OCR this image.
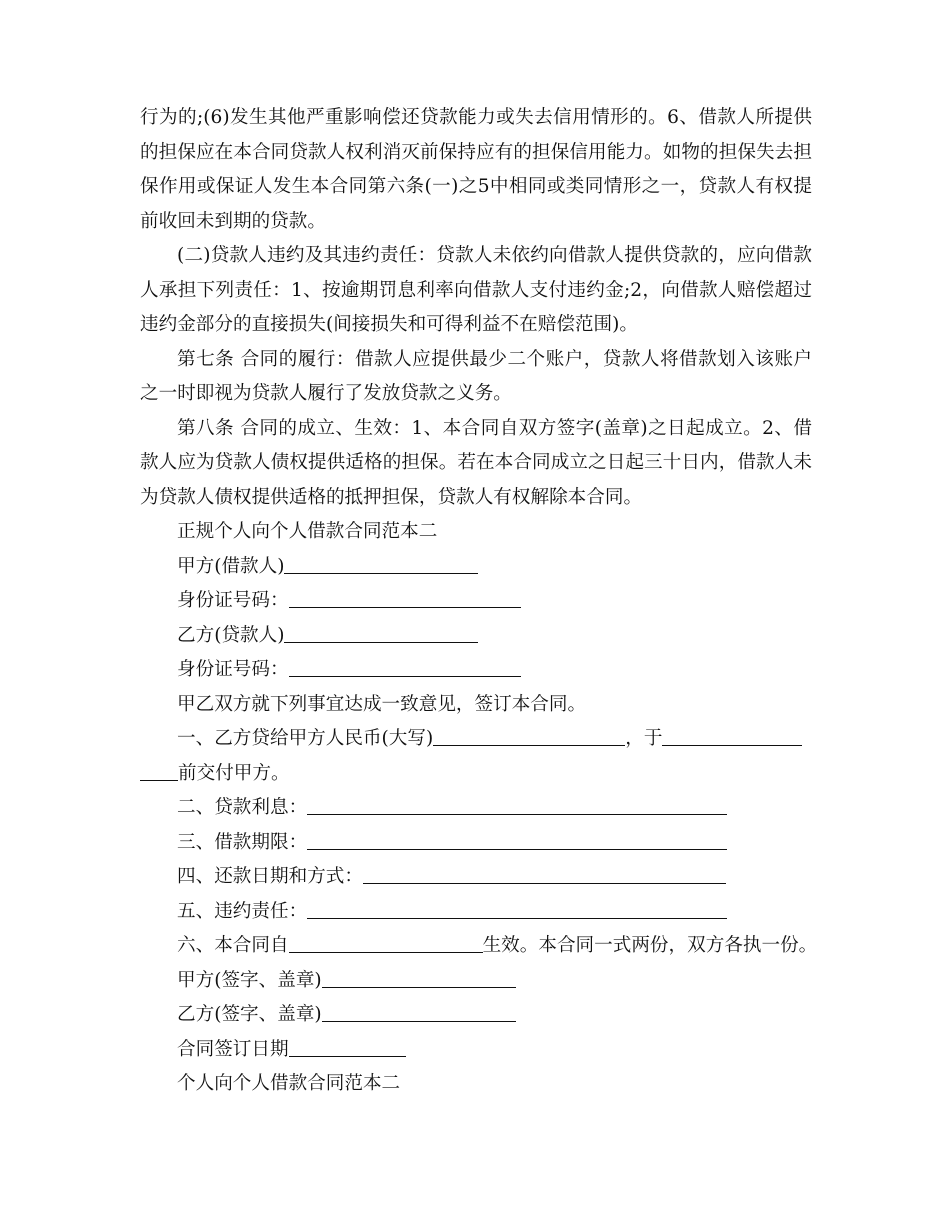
行为的;(6)发生其他严重影响偿还贷款能力或失去信用情形的。6、借款人所提供的担保应在本合同贷款人权利消灭前保持应有的担保信用能力。如物的担保失去担保作用或保证人发生本合同第六条(一)之5中相同或类同情形之一，贷款人有权提前收回未到期的贷款。

(二)贷款人违约及其违约责任：贷款人未依约向借款人提供贷款的，应向借款人承担下列责任：1、按逾期罚息利率向借款人支付违约金;2，向借款人赔偿超过违约金部分的直接损失(间接损失和可得利益不在赔偿范围)。

第七条 合同的履行：借款人应提供最少二个账户，贷款人将借款划入该账户之一时即视为贷款人履行了发放贷款之义务。

第八条 合同的成立、生效：1、本合同自双方签字(盖章)之日起成立。2、借款人应为贷款人债权提供适格的担保。若在本合同成立之日起三十日内，借款人未为贷款人债权提供适格的抵押担保，贷款人有权解除本合同。

正规个人向个人借款合同范本二

甲方(借款人)

身份证号码：

乙方(贷款人)

身份证号码：

甲乙双方就下列事宜达成一致意见，签订本合同。

一、乙方贷给甲方人民币(大写)	，于

前交付甲方。

二、贷款利息：

三、借款期限：

四、还款日期和方式：

五、违约责任：

六、本合同自	生效。本合同一式两份，双方各执一份。

甲方(签字、盖章)

乙方(签字、盖章)

合同签订日期

个人向个人借款合同范本二
